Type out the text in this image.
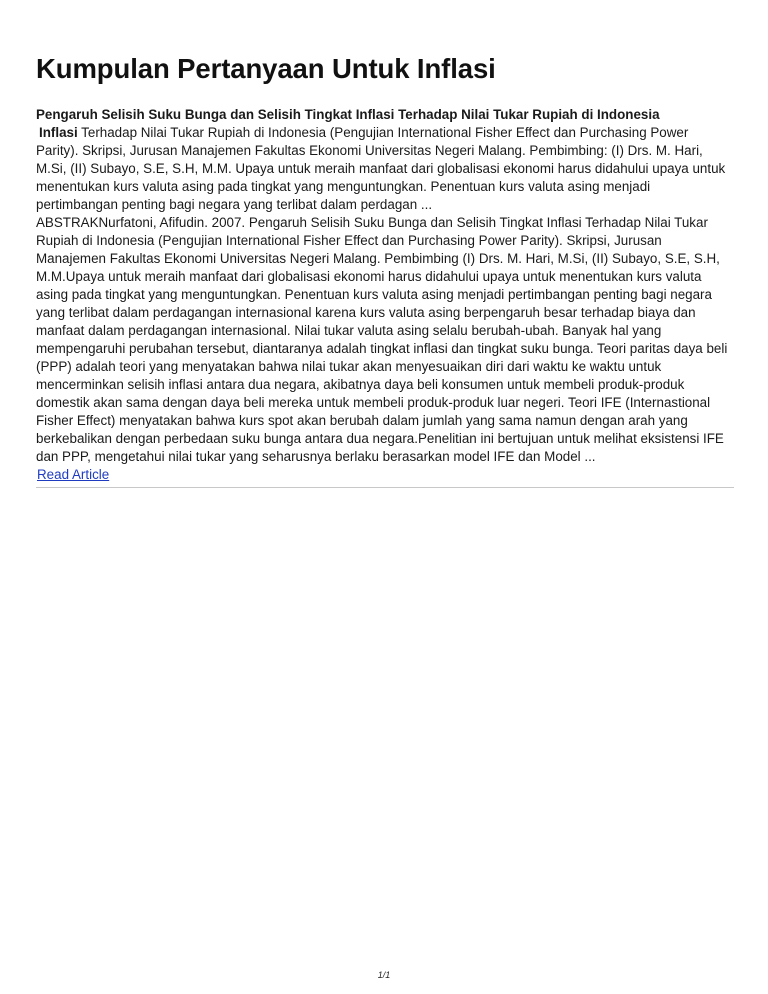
Kumpulan Pertanyaan Untuk Inflasi

Pengaruh Selisih Suku Bunga dan Selisih Tingkat Inflasi Terhadap Nilai Tukar Rupiah di Indonesia

Inflasi Terhadap Nilai Tukar Rupiah di Indonesia (Pengujian International Fisher Effect dan Purchasing Power Parity). Skripsi, Jurusan Manajemen Fakultas Ekonomi Universitas Negeri Malang. Pembimbing: (I) Drs. M. Hari, M.Si, (II) Subayo, S.E, S.H, M.M. Upaya untuk meraih manfaat dari globalisasi ekonomi harus didahului upaya untuk menentukan kurs valuta asing pada tingkat yang menguntungkan. Penentuan kurs valuta asing menjadi pertimbangan penting bagi negara yang terlibat dalam perdagan ...

ABSTRAKNurfatoni, Afifudin. 2007. Pengaruh Selisih Suku Bunga dan Selisih Tingkat Inflasi Terhadap Nilai Tukar Rupiah di Indonesia (Pengujian International Fisher Effect dan Purchasing Power Parity). Skripsi, Jurusan Manajemen Fakultas Ekonomi Universitas Negeri Malang. Pembimbing (I) Drs. M. Hari, M.Si, (II) Subayo, S.E, S.H, M.M.Upaya untuk meraih manfaat dari globalisasi ekonomi harus didahului upaya untuk menentukan kurs valuta asing pada tingkat yang menguntungkan. Penentuan kurs valuta asing menjadi pertimbangan penting bagi negara yang terlibat dalam perdagangan internasional karena kurs valuta asing berpengaruh besar terhadap biaya dan manfaat dalam perdagangan internasional. Nilai tukar valuta asing selalu berubah-ubah. Banyak hal yang mempengaruhi perubahan tersebut, diantaranya adalah tingkat inflasi dan tingkat suku bunga. Teori paritas daya beli (PPP) adalah teori yang menyatakan bahwa nilai tukar akan menyesuaikan diri dari waktu ke waktu untuk mencerminkan selisih inflasi antara dua negara, akibatnya daya beli konsumen untuk membeli produk-produk domestik akan sama dengan daya beli mereka untuk membeli produk-produk luar negeri. Teori IFE (Internastional Fisher Effect) menyatakan bahwa kurs spot akan berubah dalam jumlah yang sama namun dengan arah yang berkebalikan dengan perbedaan suku bunga antara dua negara.Penelitian ini bertujuan untuk melihat eksistensi IFE dan PPP, mengetahui nilai tukar yang seharusnya berlaku berasarkan model IFE dan Model ...

Read Article
1/1
